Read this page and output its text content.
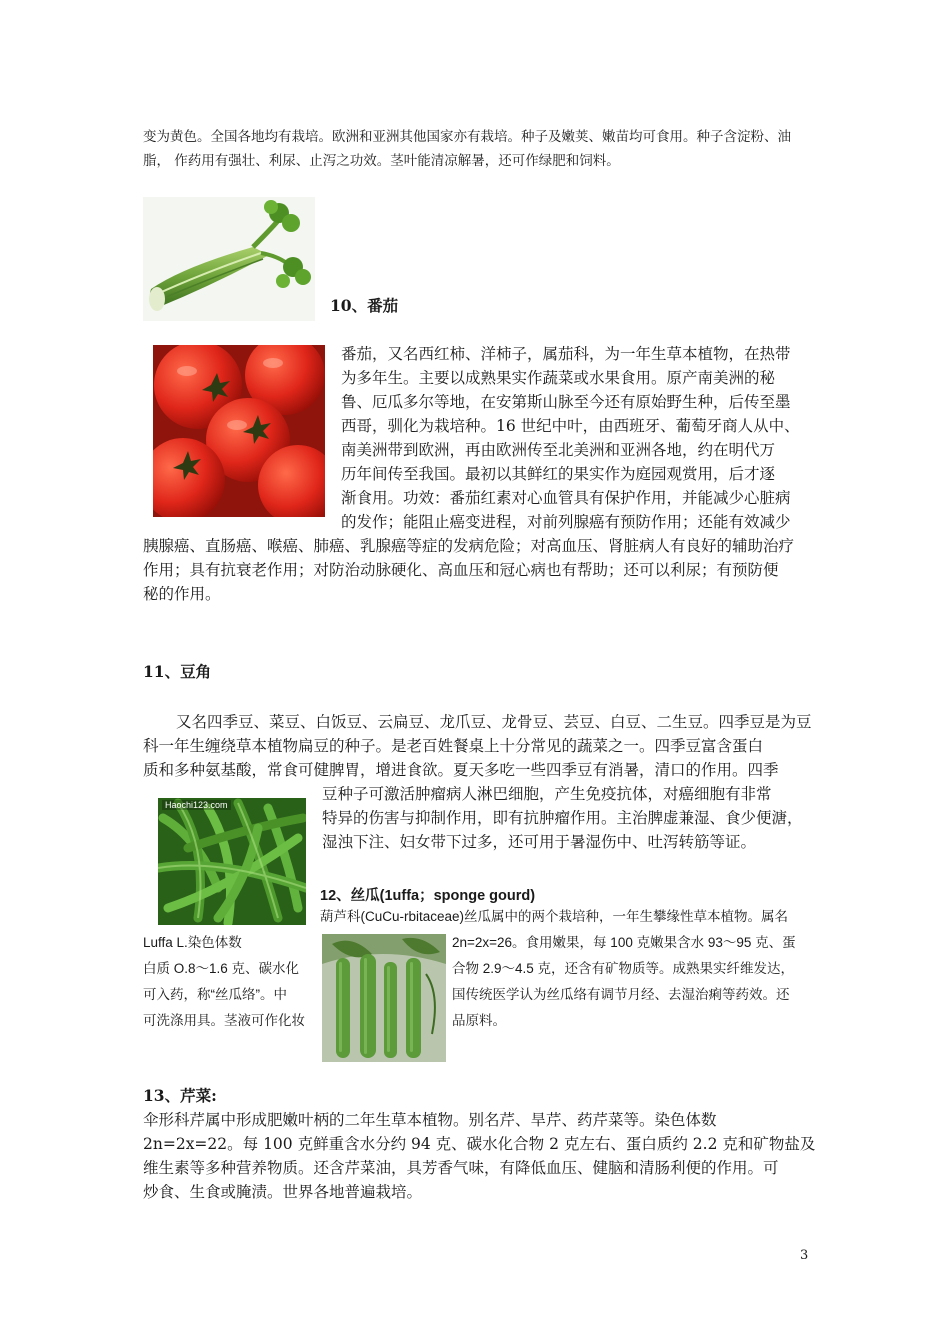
变为黄色。全国各地均有栽培。欧洲和亚洲其他国家亦有栽培。种子及嫩荚、嫩苗均可食用。种子含淀粉、油
脂， 作药用有强壮、利尿、止泻之功效。茎叶能清凉解暑，还可作绿肥和饲料。
10、番茄
番茄，又名西红柿、洋柿子，属茄科，为一年生草本植物，在热带
为多年生。主要以成熟果实作蔬菜或水果食用。原产南美洲的秘
鲁、厄瓜多尔等地，在安第斯山脉至今还有原始野生种，后传至墨
西哥，驯化为栽培种。16 世纪中叶，由西班牙、葡萄牙商人从中、
南美洲带到欧洲，再由欧洲传至北美洲和亚洲各地，约在明代万
历年间传至我国。最初以其鲜红的果实作为庭园观赏用，后才逐
渐食用。功效：番茄红素对心血管具有保护作用，并能减少心脏病
的发作；能阻止癌变进程，对前列腺癌有预防作用；还能有效减少
胰腺癌、直肠癌、喉癌、肺癌、乳腺癌等症的发病危险；对高血压、肾脏病人有良好的辅助治疗
作用；具有抗衰老作用；对防治动脉硬化、高血压和冠心病也有帮助；还可以利尿；有预防便
秘的作用。
11、豆角
又名四季豆、菜豆、白饭豆、云扁豆、龙爪豆、龙骨豆、芸豆、白豆、二生豆。四季豆是为豆
科一年生缠绕草本植物扁豆的种子。是老百姓餐桌上十分常见的蔬菜之一。四季豆富含蛋白
质和多种氨基酸，常食可健脾胃，增进食欲。夏天多吃一些四季豆有消暑，清口的作用。四季
豆种子可激活肿瘤病人淋巴细胞，产生免疫抗体，对癌细胞有非常
特异的伤害与抑制作用，即有抗肿瘤作用。主治脾虚兼湿、食少便溏，
湿浊下注、妇女带下过多，还可用于暑湿伤中、吐泻转筋等证。
Haochi123.com
12、丝瓜(1uffa；sponge gourd)
葫芦科(CuCu-rbitaceae)丝瓜属中的两个栽培种，一年生攀缘性草本植物。属名
2n=2x=26。食用嫩果，每 100 克嫩果含水 93～95 克、蛋
合物 2.9～4.5 克，还含有矿物质等。成熟果实纤维发达，
国传统医学认为丝瓜络有调节月经、去湿治痢等药效。还
品原料。
Luffa L.染色体数
白质 O.8～1.6 克、碳水化
可入药，称“丝瓜络”。中
可洗涤用具。茎液可作化妆
13、芹菜:
伞形科芹属中形成肥嫩叶柄的二年生草本植物。别名芹、旱芹、药芹菜等。染色体数
2n=2x=22。每 100 克鲜重含水分约 94 克、碳水化合物 2 克左右、蛋白质约 2.2 克和矿物盐及
维生素等多种营养物质。还含芹菜油，具芳香气味，有降低血压、健脑和清肠利便的作用。可
炒食、生食或腌渍。世界各地普遍栽培。
3
